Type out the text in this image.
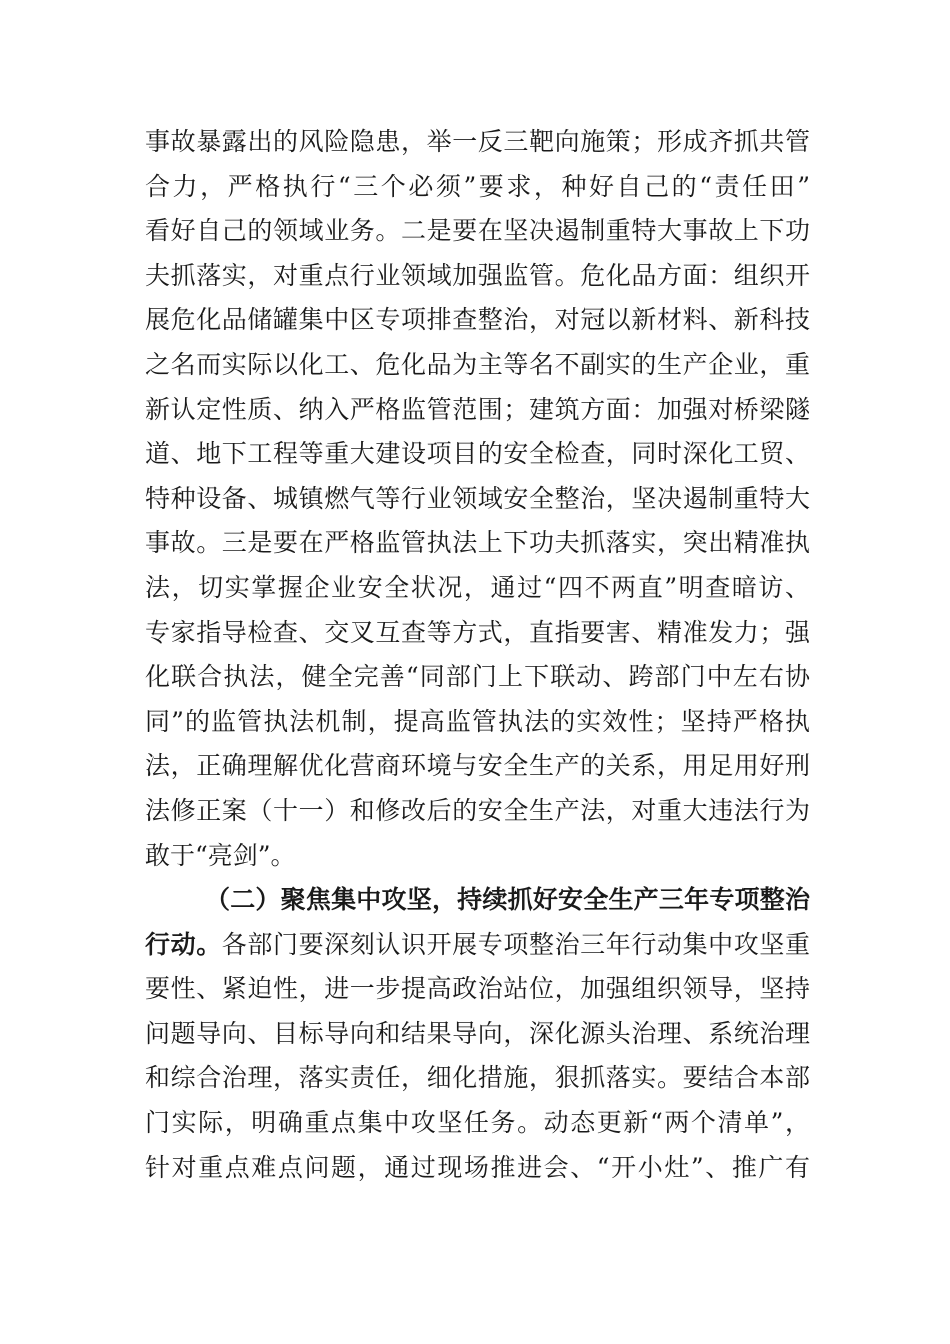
事故暴露出的风险隐患，举一反三靶向施策；形成齐抓共管
合力，严格执行“三个必须”要求，种好自己的“责任田”
看好自己的领域业务。二是要在坚决遏制重特大事故上下功
夫抓落实，对重点行业领域加强监管。危化品方面：组织开
展危化品储罐集中区专项排查整治，对冠以新材料、新科技
之名而实际以化工、危化品为主等名不副实的生产企业，重
新认定性质、纳入严格监管范围；建筑方面：加强对桥梁隧
道、地下工程等重大建设项目的安全检查，同时深化工贸、
特种设备、城镇燃气等行业领域安全整治，坚决遏制重特大
事故。三是要在严格监管执法上下功夫抓落实，突出精准执
法，切实掌握企业安全状况，通过“四不两直”明查暗访、
专家指导检查、交叉互查等方式，直指要害、精准发力；强
化联合执法，健全完善“同部门上下联动、跨部门中左右协
同”的监管执法机制，提高监管执法的实效性；坚持严格执
法，正确理解优化营商环境与安全生产的关系，用足用好刑
法修正案（十一）和修改后的安全生产法，对重大违法行为
敢于“亮剑”。
（二）聚焦集中攻坚，持续抓好安全生产三年专项整治
行动。各部门要深刻认识开展专项整治三年行动集中攻坚重
要性、紧迫性，进一步提高政治站位，加强组织领导，坚持
问题导向、目标导向和结果导向，深化源头治理、系统治理
和综合治理，落实责任，细化措施，狠抓落实。要结合本部
门实际，明确重点集中攻坚任务。动态更新“两个清单”，
针对重点难点问题，通过现场推进会、“开小灶”、推广有
